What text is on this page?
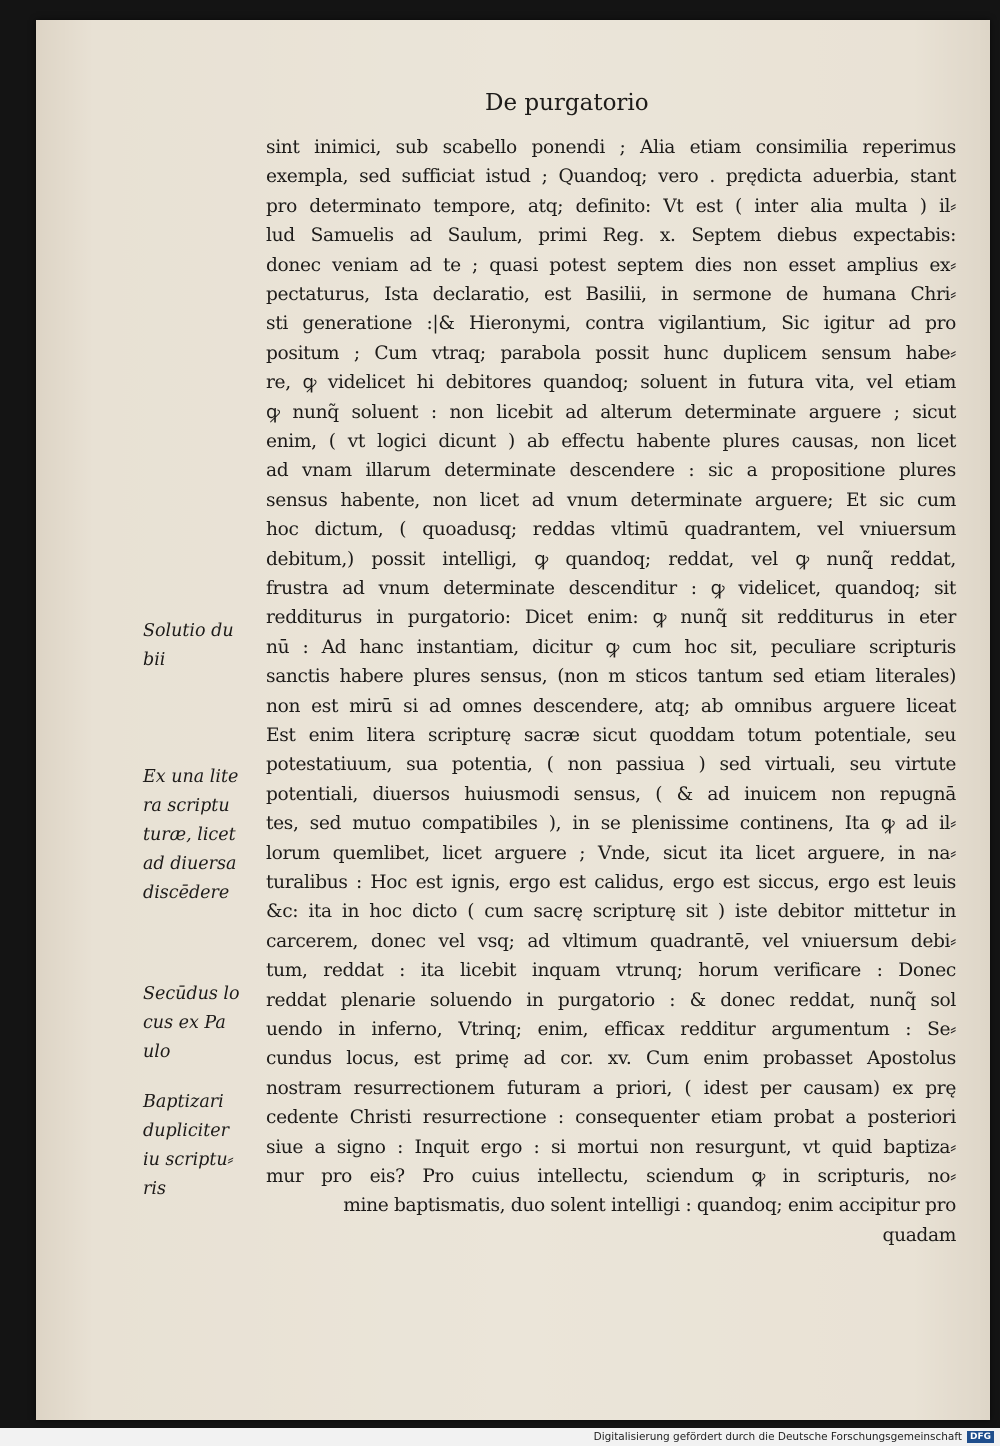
De purgatorio
sint inimici, sub scabello ponendi ; Alia etiam consimilia reperimus
exempla, sed sufficiat istud ; Quandoq; vero . prędicta aduerbia, stant
pro determinato tempore, atq; definito: Vt est ( inter alia multa ) il⸗
lud Samuelis ad Saulum, primi Reg. x. Septem diebus expectabis:
donec veniam ad te ; quasi potest septem dies non esset amplius ex⸗
pectaturus, Ista declaratio, est Basilii, in sermone de humana Chri⸗
sti generatione :|& Hieronymi, contra vigilantium, Sic igitur ad pro
positum ; Cum vtraq; parabola possit hunc duplicem sensum habe⸗
re, ꝙ videlicet hi debitores quandoq; soluent in futura vita, vel etiam
ꝙ nunq̃ soluent : non licebit ad alterum determinate arguere ; sicut
enim, ( vt logici dicunt ) ab effectu habente plures causas, non licet
ad vnam illarum determinate descendere : sic a propositione plures
sensus habente, non licet ad vnum determinate arguere; Et sic cum
hoc dictum, ( quoadusq; reddas vltimū quadrantem, vel vniuersum
debitum,) possit intelligi, ꝙ quandoq; reddat, vel ꝙ nunq̃ reddat,
frustra ad vnum determinate descenditur : ꝙ videlicet, quandoq; sit
redditurus in purgatorio: Dicet enim: ꝙ nunq̃ sit redditurus in eter
nū : Ad hanc instantiam, dicitur ꝙ cum hoc sit, peculiare scripturis
sanctis habere plures sensus, (non m sticos tantum sed etiam literales)
non est mirū si ad omnes descendere, atq; ab omnibus arguere liceat
Est enim litera scripturę sacræ sicut quoddam totum potentiale, seu
potestatiuum, sua potentia, ( non passiua ) sed virtuali, seu virtute
potentiali, diuersos huiusmodi sensus, ( & ad inuicem non repugnā
tes, sed mutuo compatibiles ), in se plenissime continens, Ita ꝙ ad il⸗
lorum quemlibet, licet arguere ; Vnde, sicut ita licet arguere, in na⸗
turalibus : Hoc est ignis, ergo est calidus, ergo est siccus, ergo est leuis
&c: ita in hoc dicto ( cum sacrę scripturę sit ) iste debitor mittetur in
carcerem, donec vel vsq; ad vltimum quadrantē, vel vniuersum debi⸗
tum, reddat : ita licebit inquam vtrunq; horum verificare : Donec
reddat plenarie soluendo in purgatorio : & donec reddat, nunq̃ sol
uendo in inferno, Vtrinq; enim, efficax redditur argumentum : Se⸗
cundus locus, est primę ad cor. xv. Cum enim probasset Apostolus
nostram resurrectionem futuram a priori, ( idest per causam) ex prę
cedente Christi resurrectione : consequenter etiam probat a posteriori
siue a signo : Inquit ergo : si mortui non resurgunt, vt quid baptiza⸗
mur pro eis? Pro cuius intellectu, sciendum ꝙ in scripturis, no⸗
mine baptismatis, duo solent intelligi : quandoq; enim accipitur pro
quadam
Solutio du
bii
Ex una lite
ra scriptu
turæ, licet
ad diuersa
discēdere
Secūdus lo
cus ex Pa
ulo
Baptizari
dupliciter
iu scriptu⸗
ris
Digitalisierung gefördert durch die Deutsche Forschungsgemeinschaft DFG
